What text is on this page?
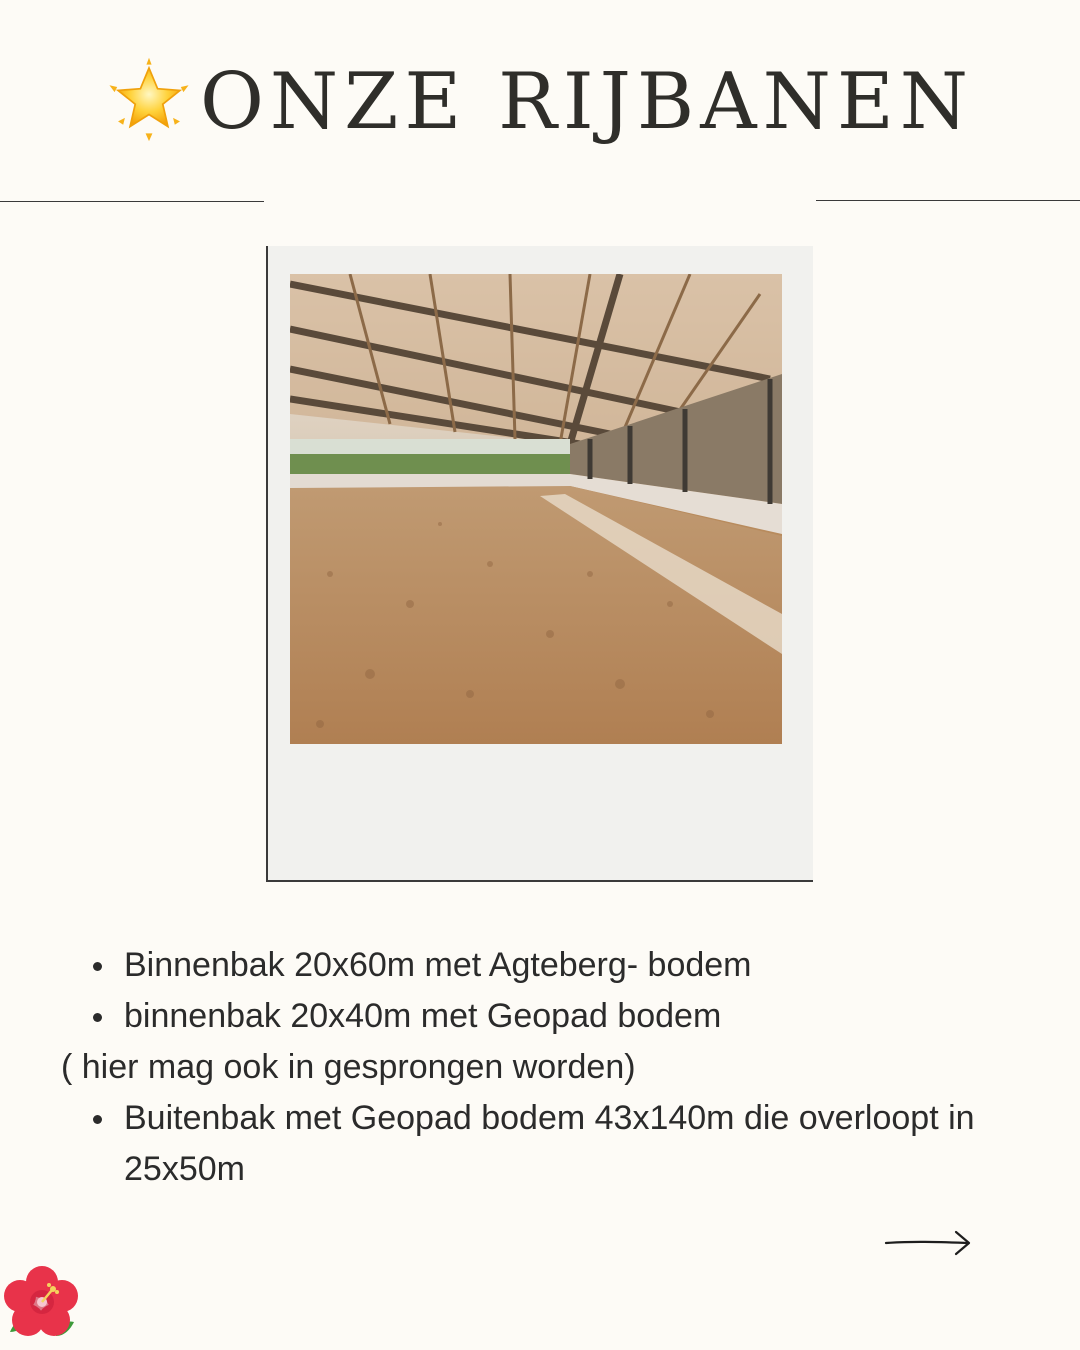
ONZE RIJBANEN
Binnenbak 20x60m met Agteberg- bodem
binnenbak 20x40m met Geopad bodem
( hier mag ook in gesprongen worden)
Buitenbak met Geopad bodem 43x140m die overloopt in 25x50m
